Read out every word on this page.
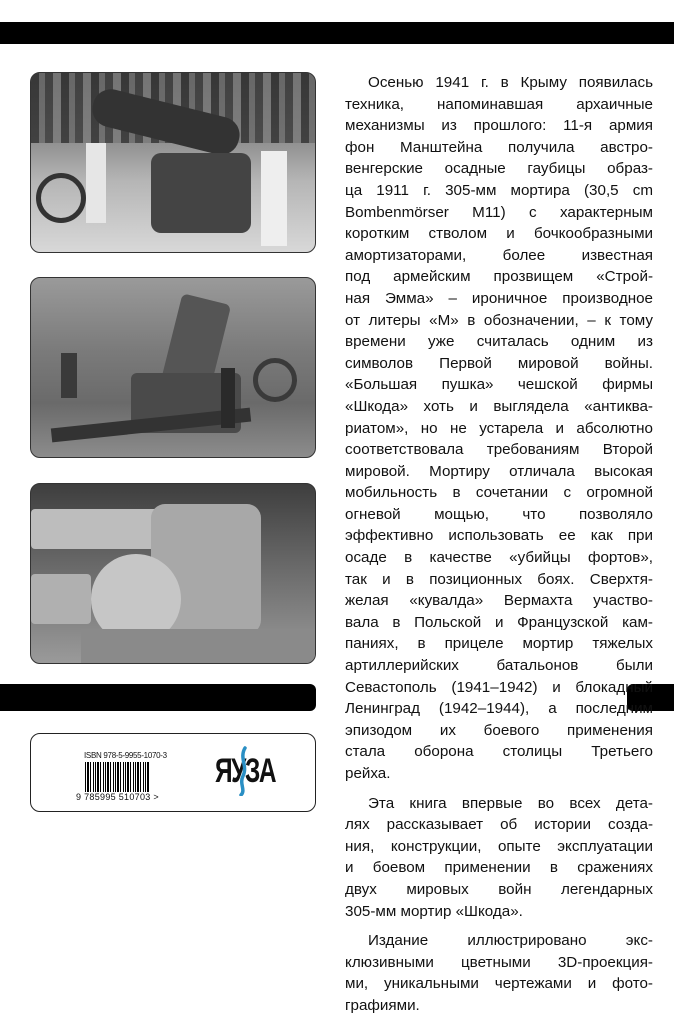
ISBN 978-5-9955-1070-3
9 785995 510703 >
ЯУЗА
Осенью 1941 г. в Крыму появилась
техника, напоминавшая архаичные
механизмы из прошлого: 11-я армия
фон Манштейна получила австро-
венгерские осадные гаубицы образ-
ца 1911 г. 305-мм мортира (30,5 cm
Bombenmörser M11) с характерным
коротким стволом и бочкообразными
амортизаторами, более известная
под армейским прозвищем «Строй-
ная Эмма» – ироничное производное
от литеры «M» в обозначении, – к тому
времени уже считалась одним из
символов Первой мировой войны.
«Большая пушка» чешской фирмы
«Шкода» хоть и выглядела «антиква-
риатом», но не устарела и абсолютно
соответствовала требованиям Второй
мировой. Мортиру отличала высокая
мобильность в сочетании с огромной
огневой мощью, что позволяло
эффективно использовать ее как при
осаде в качестве «убийцы фортов»,
так и в позиционных боях. Сверхтя-
желая «кувалда» Вермахта участво-
вала в Польской и Французской кам-
паниях, в прицеле мортир тяжелых
артиллерийских батальонов были
Севастополь (1941–1942) и блокадный
Ленинград (1942–1944), а последним
эпизодом их боевого применения
стала оборона столицы Третьего
рейха.
Эта книга впервые во всех дета-
лях рассказывает об истории созда-
ния, конструкции, опыте эксплуатации
и боевом применении в сражениях
двух мировых войн легендарных
305-мм мортир «Шкода».
Издание иллюстрировано экс-
клюзивными цветными 3D-проекция-
ми, уникальными чертежами и фото-
графиями.
